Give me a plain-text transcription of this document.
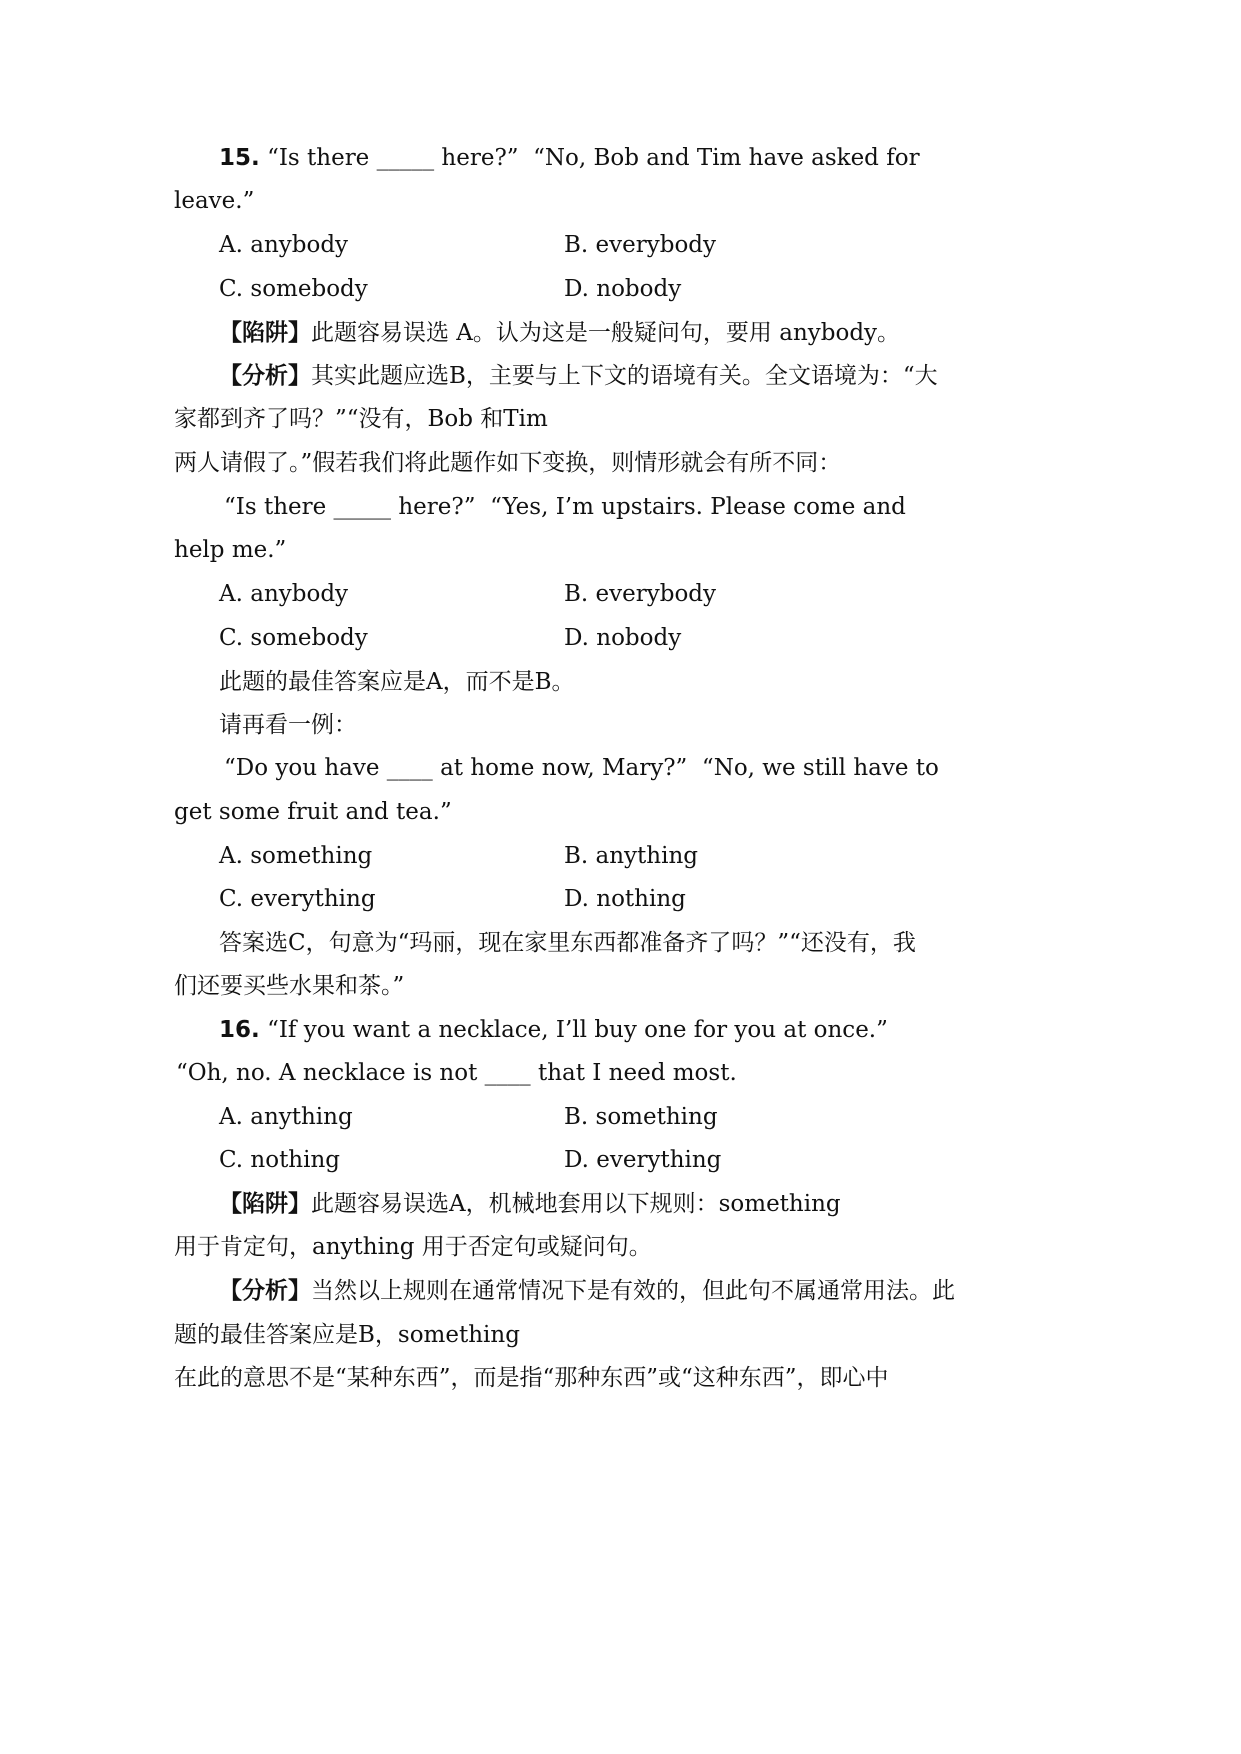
15. “Is there _____ here?”  “No, Bob and Tim have asked for
leave.”
A. anybody	B. everybody
C. somebody	D. nobody
【陷阱】此题容易误选 A。认为这是一般疑问句，要用 anybody。
【分析】其实此题应选B，主要与上下文的语境有关。全文语境为：“大
家都到齐了吗？”“没有，Bob 和Tim
两人请假了。”假若我们将此题作如下变换，则情形就会有所不同：
“Is there _____ here?”  “Yes, I’m upstairs. Please come and
help me.”
A. anybody	B. everybody
C. somebody	D. nobody
此题的最佳答案应是A，而不是B。
请再看一例：
“Do you have ____ at home now, Mary?”  “No, we still have to
get some fruit and tea.”
A. something	B. anything
C. everything	D. nothing
答案选C，句意为“玛丽，现在家里东西都准备齐了吗？”“还没有，我
们还要买些水果和茶。”
16. “If you want a necklace, I’ll buy one for you at once.”
“Oh, no. A necklace is not ____ that I need most.
A. anything	B. something
C. nothing	D. everything
【陷阱】此题容易误选A，机械地套用以下规则：something
用于肯定句，anything 用于否定句或疑问句。
【分析】当然以上规则在通常情况下是有效的，但此句不属通常用法。此
题的最佳答案应是B，something
在此的意思不是“某种东西”，而是指“那种东西”或“这种东西”，即心中
